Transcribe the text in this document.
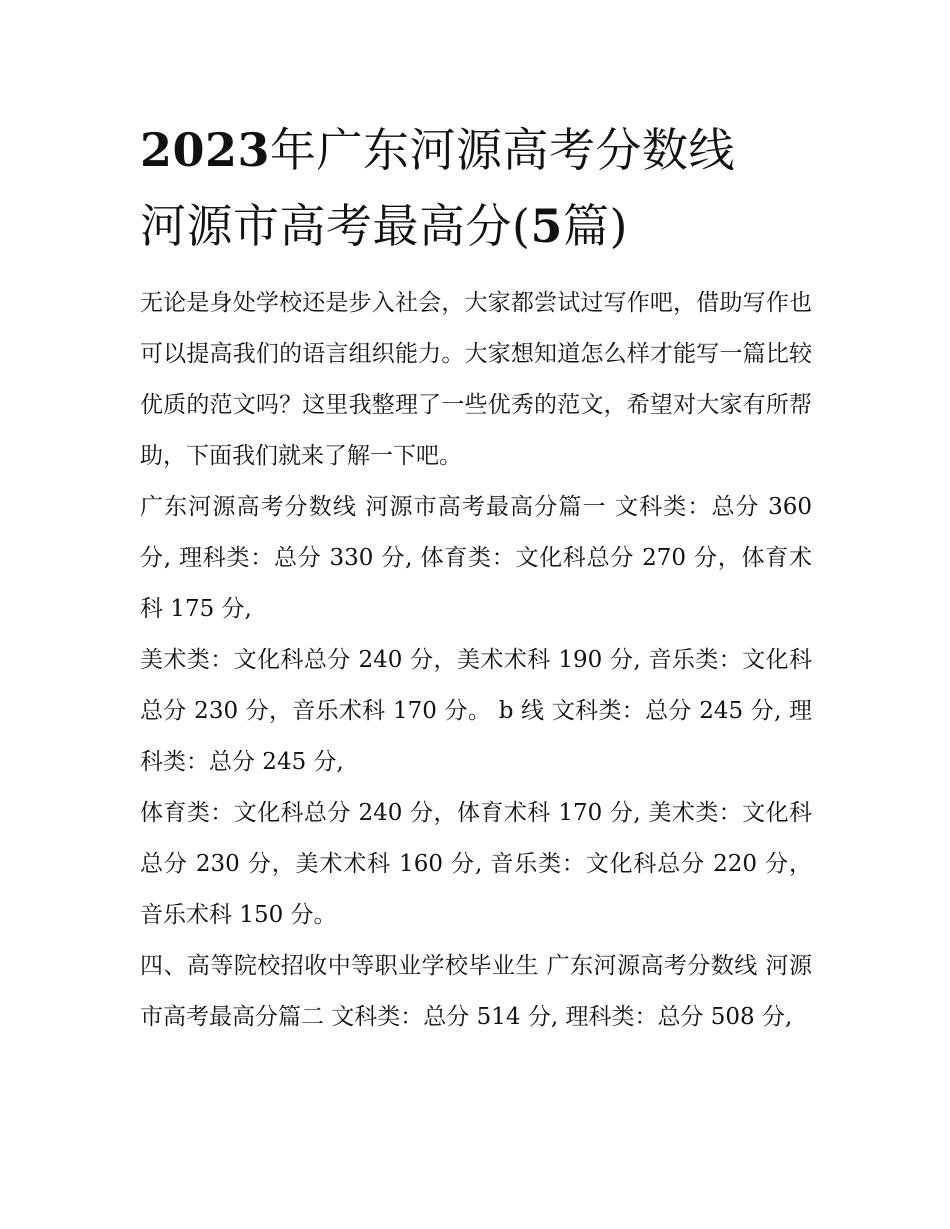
2023年广东河源高考分数线
河源市高考最高分(5篇)

无论是身处学校还是步入社会，大家都尝试过写作吧，借助写作也可以提高我们的语言组织能力。大家想知道怎么样才能写一篇比较优质的范文吗？这里我整理了一些优秀的范文，希望对大家有所帮助，下面我们就来了解一下吧。

广东河源高考分数线 河源市高考最高分篇一 文科类：总分 360 分, 理科类：总分 330 分, 体育类：文化科总分 270 分，体育术科 175 分,

美术类：文化科总分 240 分，美术术科 190 分, 音乐类：文化科总分 230 分，音乐术科 170 分。 b 线 文科类：总分 245 分, 理科类：总分 245 分,

体育类：文化科总分 240 分，体育术科 170 分, 美术类：文化科总分 230 分，美术术科 160 分, 音乐类：文化科总分 220 分，音乐术科 150 分。

四、高等院校招收中等职业学校毕业生 广东河源高考分数线 河源市高考最高分篇二 文科类：总分 514 分, 理科类：总分 508 分,
